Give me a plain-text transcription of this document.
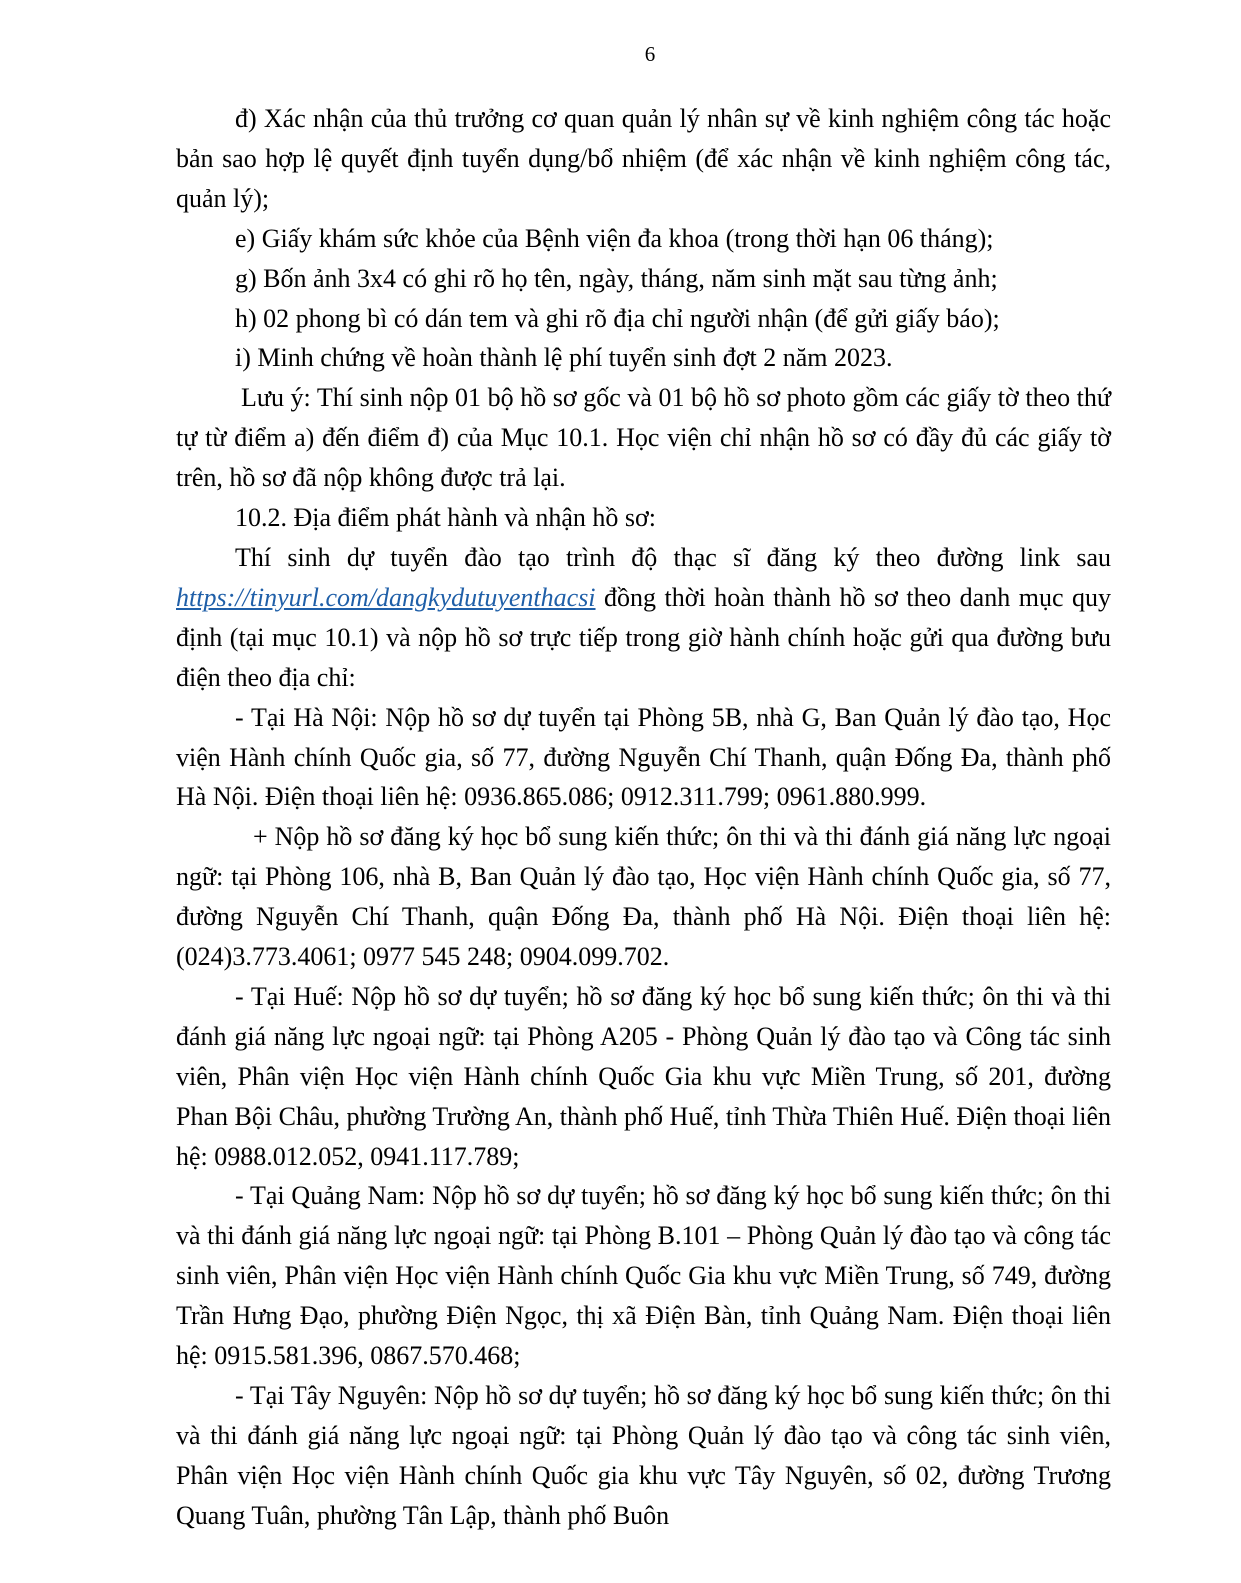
6

đ) Xác nhận của thủ trưởng cơ quan quản lý nhân sự về kinh nghiệm công tác hoặc bản sao hợp lệ quyết định tuyển dụng/bổ nhiệm (để xác nhận về kinh nghiệm công tác, quản lý);

e) Giấy khám sức khỏe của Bệnh viện đa khoa (trong thời hạn 06 tháng);

g) Bốn ảnh 3x4 có ghi rõ họ tên, ngày, tháng, năm sinh mặt sau từng ảnh;

h) 02 phong bì có dán tem và ghi rõ địa chỉ người nhận (để gửi giấy báo);

i) Minh chứng về hoàn thành lệ phí tuyển sinh đợt 2 năm 2023.

Lưu ý: Thí sinh nộp 01 bộ hồ sơ gốc và 01 bộ hồ sơ photo gồm các giấy tờ theo thứ tự từ điểm a) đến điểm đ) của Mục 10.1. Học viện chỉ nhận hồ sơ có đầy đủ các giấy tờ trên, hồ sơ đã nộp không được trả lại.

10.2. Địa điểm phát hành và nhận hồ sơ:

Thí sinh dự tuyển đào tạo trình độ thạc sĩ đăng ký theo đường link sau https://tinyurl.com/dangkydutuyenthacsi đồng thời hoàn thành hồ sơ theo danh mục quy định (tại mục 10.1) và nộp hồ sơ trực tiếp trong giờ hành chính hoặc gửi qua đường bưu điện theo địa chỉ:

- Tại Hà Nội: Nộp hồ sơ dự tuyển tại Phòng 5B, nhà G, Ban Quản lý đào tạo, Học viện Hành chính Quốc gia, số 77, đường Nguyễn Chí Thanh, quận Đống Đa, thành phố Hà Nội. Điện thoại liên hệ: 0936.865.086; 0912.311.799; 0961.880.999.

+ Nộp hồ sơ đăng ký học bổ sung kiến thức; ôn thi và thi đánh giá năng lực ngoại ngữ: tại Phòng 106, nhà B, Ban Quản lý đào tạo, Học viện Hành chính Quốc gia, số 77, đường Nguyễn Chí Thanh, quận Đống Đa, thành phố Hà Nội. Điện thoại liên hệ: (024)3.773.4061; 0977 545 248; 0904.099.702.

- Tại Huế: Nộp hồ sơ dự tuyển; hồ sơ đăng ký học bổ sung kiến thức; ôn thi và thi đánh giá năng lực ngoại ngữ: tại Phòng A205 - Phòng Quản lý đào tạo và Công tác sinh viên, Phân viện Học viện Hành chính Quốc Gia khu vực Miền Trung, số 201, đường Phan Bội Châu, phường Trường An, thành phố Huế, tỉnh Thừa Thiên Huế. Điện thoại liên hệ: 0988.012.052, 0941.117.789;

- Tại Quảng Nam: Nộp hồ sơ dự tuyển; hồ sơ đăng ký học bổ sung kiến thức; ôn thi và thi đánh giá năng lực ngoại ngữ: tại Phòng B.101 – Phòng Quản lý đào tạo và công tác sinh viên, Phân viện Học viện Hành chính Quốc Gia khu vực Miền Trung, số 749, đường Trần Hưng Đạo, phường Điện Ngọc, thị xã Điện Bàn, tỉnh Quảng Nam. Điện thoại liên hệ: 0915.581.396, 0867.570.468;

- Tại Tây Nguyên: Nộp hồ sơ dự tuyển; hồ sơ đăng ký học bổ sung kiến thức; ôn thi và thi đánh giá năng lực ngoại ngữ: tại Phòng Quản lý đào tạo và công tác sinh viên, Phân viện Học viện Hành chính Quốc gia khu vực Tây Nguyên, số 02, đường Trương Quang Tuân, phường Tân Lập, thành phố Buôn
